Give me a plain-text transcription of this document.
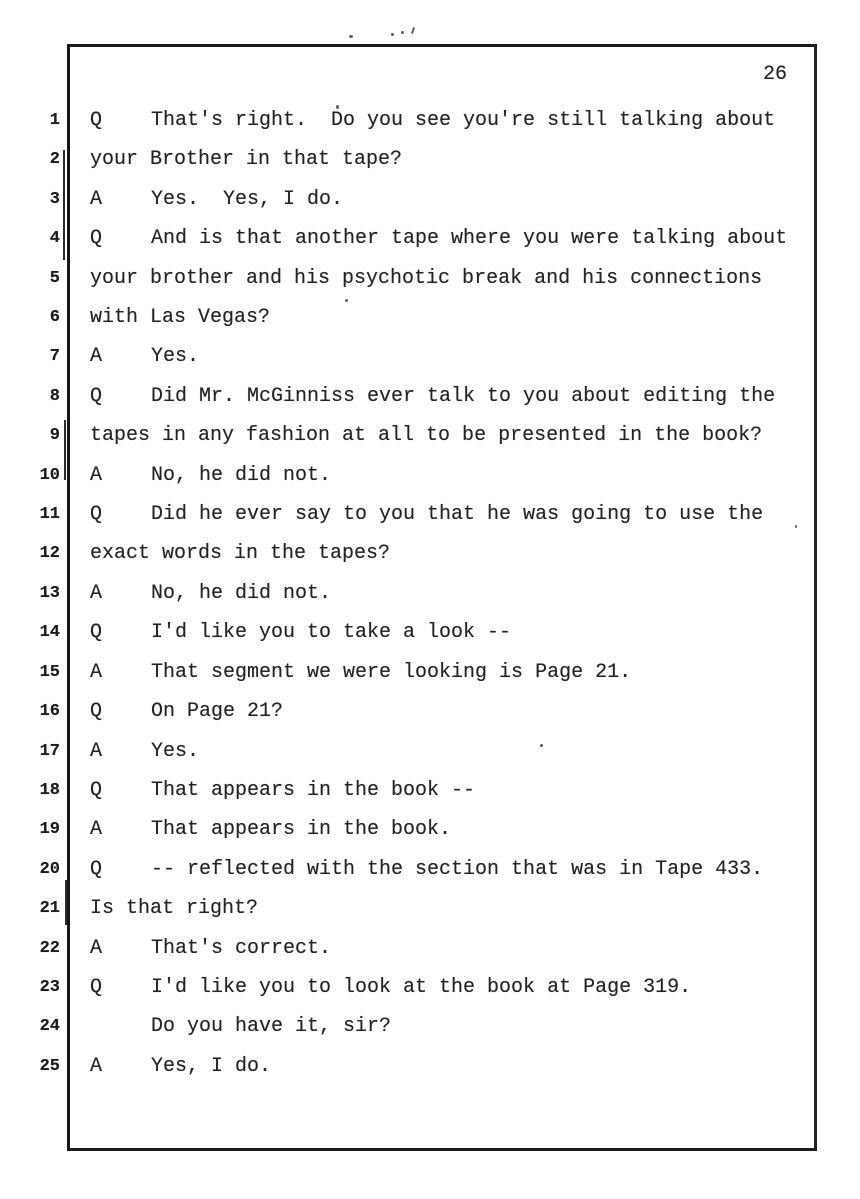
26
1 Q That's right.  Do you see you're still talking about
2 your Brother in that tape?
3 A Yes.  Yes, I do.
4 Q And is that another tape where you were talking about
5 your brother and his psychotic break and his connections
6 with Las Vegas?
7 A Yes.
8 Q Did Mr. McGinniss ever talk to you about editing the
9 tapes in any fashion at all to be presented in the book?
10 A No, he did not.
11 Q Did he ever say to you that he was going to use the
12 exact words in the tapes?
13 A No, he did not.
14 Q I'd like you to take a look --
15 A That segment we were looking is Page 21.
16 Q On Page 21?
17 A Yes.
18 Q That appears in the book --
19 A That appears in the book.
20 Q -- reflected with the section that was in Tape 433.
21 Is that right?
22 A That's correct.
23 Q I'd like you to look at the book at Page 319.
24	Do you have it, sir?
25 A Yes, I do.
